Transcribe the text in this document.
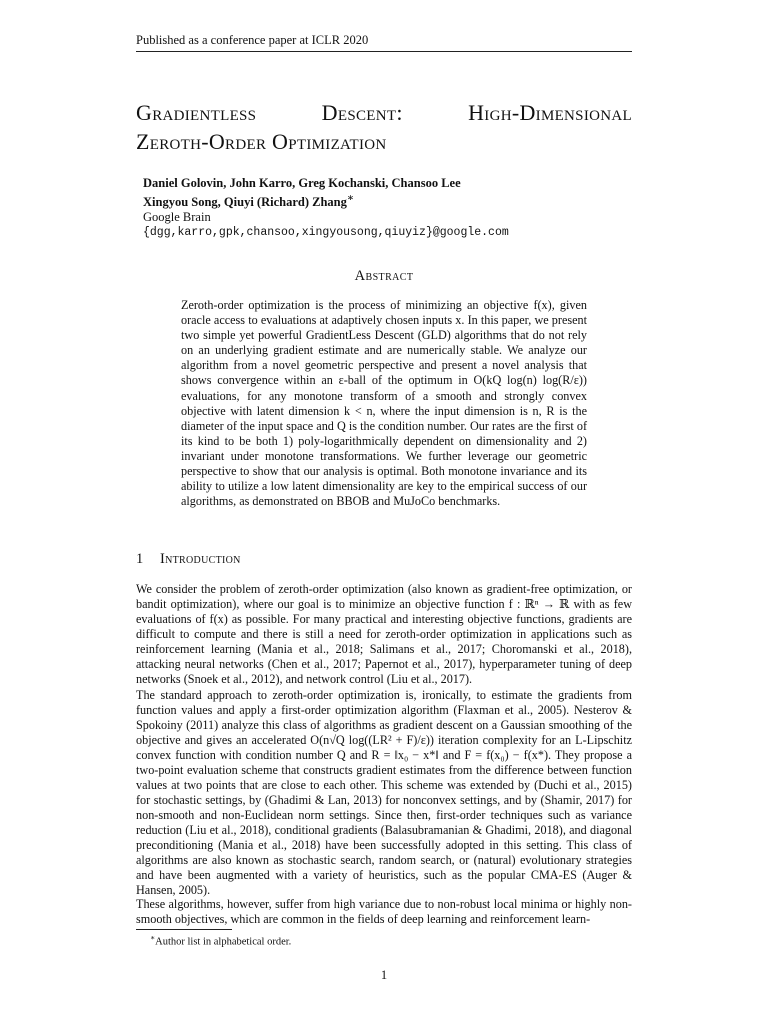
Published as a conference paper at ICLR 2020
Gradientless	Descent:	High-Dimensional
Zeroth-Order Optimization
Daniel Golovin, John Karro, Greg Kochanski, Chansoo Lee
Xingyou Song, Qiuyi (Richard) Zhang∗
Google Brain
{dgg,karro,gpk,chansoo,xingyousong,qiuyiz}@google.com
Abstract
Zeroth-order optimization is the process of minimizing an objective f(x), given oracle access to evaluations at adaptively chosen inputs x. In this paper, we present two simple yet powerful GradientLess Descent (GLD) algorithms that do not rely on an underlying gradient estimate and are numerically stable. We analyze our algorithm from a novel geometric perspective and present a novel analysis that shows convergence within an ε-ball of the optimum in O(kQ log(n) log(R/ε)) evaluations, for any monotone transform of a smooth and strongly convex objective with latent dimension k < n, where the input dimension is n, R is the diameter of the input space and Q is the condition number. Our rates are the first of its kind to be both 1) poly-logarithmically dependent on dimensionality and 2) invariant under monotone transformations. We further leverage our geometric perspective to show that our analysis is optimal. Both monotone invariance and its ability to utilize a low latent dimensionality are key to the empirical success of our algorithms, as demonstrated on BBOB and MuJoCo benchmarks.
1 Introduction
We consider the problem of zeroth-order optimization (also known as gradient-free optimization, or bandit optimization), where our goal is to minimize an objective function f : ℝⁿ → ℝ with as few evaluations of f(x) as possible. For many practical and interesting objective functions, gradients are difficult to compute and there is still a need for zeroth-order optimization in applications such as reinforcement learning (Mania et al., 2018; Salimans et al., 2017; Choromanski et al., 2018), attacking neural networks (Chen et al., 2017; Papernot et al., 2017), hyperparameter tuning of deep networks (Snoek et al., 2012), and network control (Liu et al., 2017).
The standard approach to zeroth-order optimization is, ironically, to estimate the gradients from function values and apply a first-order optimization algorithm (Flaxman et al., 2005). Nesterov & Spokoiny (2011) analyze this class of algorithms as gradient descent on a Gaussian smoothing of the objective and gives an accelerated O(n√Q log((LR² + F)/ε)) iteration complexity for an L-Lipschitz convex function with condition number Q and R = ‖x₀ − x*‖ and F = f(x₀) − f(x*). They propose a two-point evaluation scheme that constructs gradient estimates from the difference between function values at two points that are close to each other. This scheme was extended by (Duchi et al., 2015) for stochastic settings, by (Ghadimi & Lan, 2013) for nonconvex settings, and by (Shamir, 2017) for non-smooth and non-Euclidean norm settings. Since then, first-order techniques such as variance reduction (Liu et al., 2018), conditional gradients (Balasubramanian & Ghadimi, 2018), and diagonal preconditioning (Mania et al., 2018) have been successfully adopted in this setting. This class of algorithms are also known as stochastic search, random search, or (natural) evolutionary strategies and have been augmented with a variety of heuristics, such as the popular CMA-ES (Auger & Hansen, 2005).
These algorithms, however, suffer from high variance due to non-robust local minima or highly non-smooth objectives, which are common in the fields of deep learning and reinforcement learn-
∗Author list in alphabetical order.
1
